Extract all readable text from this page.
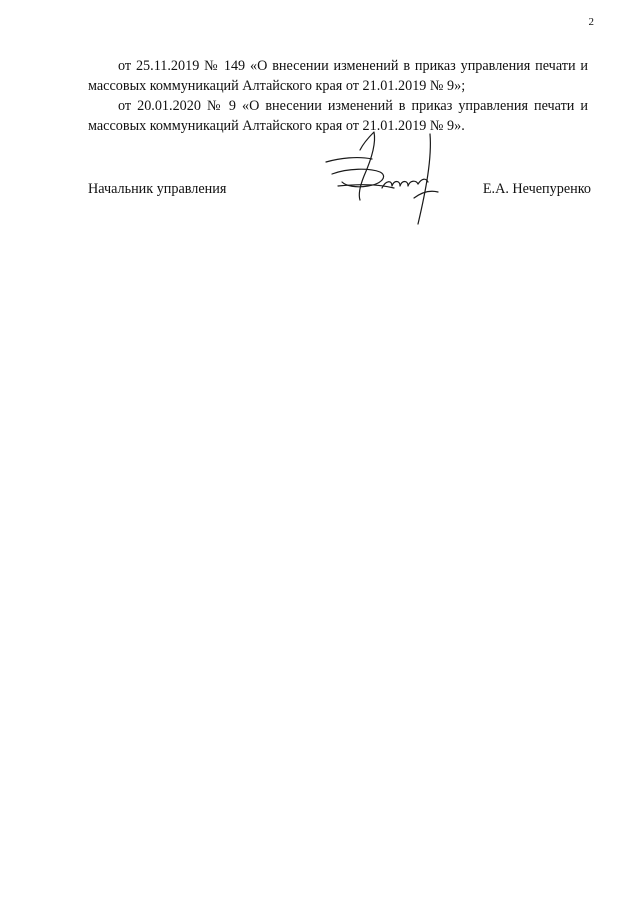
2

от 25.11.2019 № 149 «О внесении изменений в приказ управления печати и массовых коммуникаций Алтайского края от 21.01.2019 № 9»;

от 20.01.2020 № 9 «О внесении изменений в приказ управления печати и массовых коммуникаций Алтайского края от 21.01.2019 № 9».

Начальник управления	Е.А. Нечепуренко
